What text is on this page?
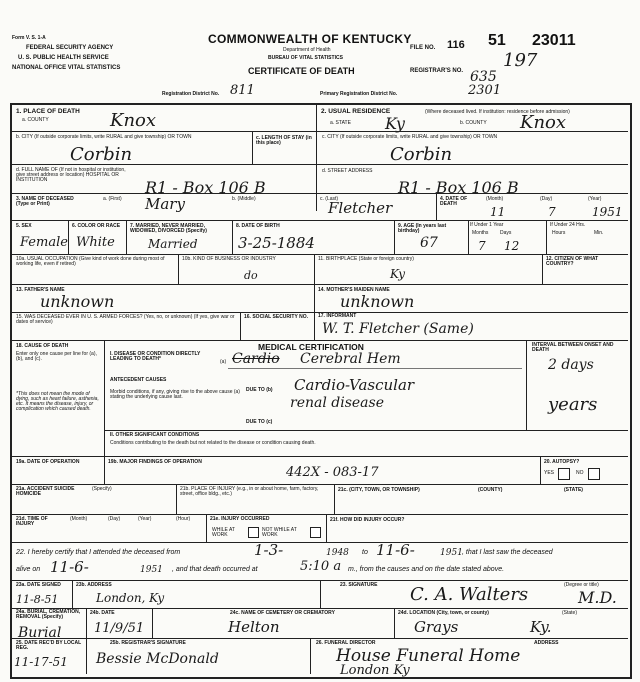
Form V. S. 1-A
FEDERAL SECURITY AGENCY
U. S. PUBLIC HEALTH SERVICE
NATIONAL OFFICE VITAL STATISTICS
COMMONWEALTH OF KENTUCKY
Department of Health
BUREAU OF VITAL STATISTICS
CERTIFICATE OF DEATH
FILE NO. 116 51 23011
REGISTRAR'S NO. 197
635
Registration District No. 811	Primary Registration District No.	2301
1. PLACE OF DEATH
a. COUNTY	Knox
b. CITY (If outside corporate limits, write RURAL and give township) OR TOWN
Corbin
c. LENGTH OF STAY (in this place)
d. FULL NAME OF (If not in hospital or institution, give street address or location) HOSPITAL OR INSTITUTION	R1 - Box 106 B
2. USUAL RESIDENCE	(Where deceased lived. If institution: residence before admission)
a. STATE Ky	b. COUNTY Knox
c. CITY (If outside corporate limits, write RURAL and give township) OR TOWN
Corbin
d. STREET ADDRESS
R1 - Box 106 B
3. NAME OF DECEASED (Type or Print)
a. (First) Mary	b. (Middle)	c. (Last)
Fletcher	4. DATE OF DEATH
(Month)	(Day)	(Year)
11	7	1951
5. SEX
Female
6. COLOR OR RACE
White
7. MARRIED, NEVER MARRIED, WIDOWED, DIVORCED (Specify)
Married
8. DATE OF BIRTH
3-25-1884
9. AGE (In years last birthday)
67
If Under 1 Year
Months Days
7 12
If Under 24 Hrs.
Hours	Min.
10a. USUAL OCCUPATION (Give kind of work done during most of working life, even if retired)
10b. KIND OF BUSINESS OR INDUSTRY
do
11. BIRTHPLACE (State or foreign country)
Ky
12. CITIZEN OF WHAT COUNTRY?
13. FATHER'S NAME
unknown
14. MOTHER'S MAIDEN NAME
unknown
15. WAS DECEASED EVER IN U. S. ARMED FORCES? (Yes, no, or unknown) (If yes, give war or dates of service)
16. SOCIAL SECURITY NO.	17. INFORMANT
W. T. Fletcher (Same)
18. CAUSE OF DEATH
Enter only one cause per line for (a), (b), and (c).
*This does not mean the mode of dying, such as heart failure, asthenia, etc. It means the disease, injury, or complication which caused death.
MEDICAL CERTIFICATION	INTERVAL BETWEEN ONSET AND DEATH
I. DISEASE OR CONDITION DIRECTLY LEADING TO DEATH*	(a) Cardio Cerebral Hem	2 days
ANTECEDENT CAUSES
Morbid conditions, if any, giving rise to the above cause (a) stating the underlying cause last.
DUE TO (b) Cardio-Vascular
renal disease	years
DUE TO (c)
II. OTHER SIGNIFICANT CONDITIONS
Conditions contributing to the death but not related to the disease or condition causing death.
19a. DATE OF OPERATION	19b. MAJOR FINDINGS OF OPERATION
442X - 083-17
20. AUTOPSY?
YES	NO
21a. ACCIDENT SUICIDE HOMICIDE
(Specify)	21b. PLACE OF INJURY (e.g., in or about home, farm, factory, street, office bldg., etc.)
21c. (CITY, TOWN, OR TOWNSHIP)	(COUNTY)	(STATE)
21d. TIME OF INJURY
(Month)	(Day)	(Year)	(Hour)	21e. INJURY OCCURRED
WHILE AT WORK
NOT WHILE AT WORK
21f. HOW DID INJURY OCCUR?
22. I hereby certify that I attended the deceased from	1-3-	1948 to 11-6-	1951 , that I last saw the deceased
alive on 11-6-	1951 , and that death occurred at	5:10 a m., from the causes and on the date stated above.
23a. DATE SIGNED
11-8-51
23b. ADDRESS
London, Ky
23. SIGNATURE C. A. Walters	(Degree or title)
M.D.
24a. BURIAL, CREMATION, REMOVAL (Specify)
Burial
24b. DATE
11/9/51
24c. NAME OF CEMETERY OR CREMATORY
Helton
24d. LOCATION (City, town, or county)
Grays
(State)
Ky.
25. DATE REC'D BY LOCAL REG.
11-17-51
25b. REGISTRAR'S SIGNATURE
Bessie McDonald
26. FUNERAL DIRECTOR
House Funeral Home
ADDRESS
London Ky
